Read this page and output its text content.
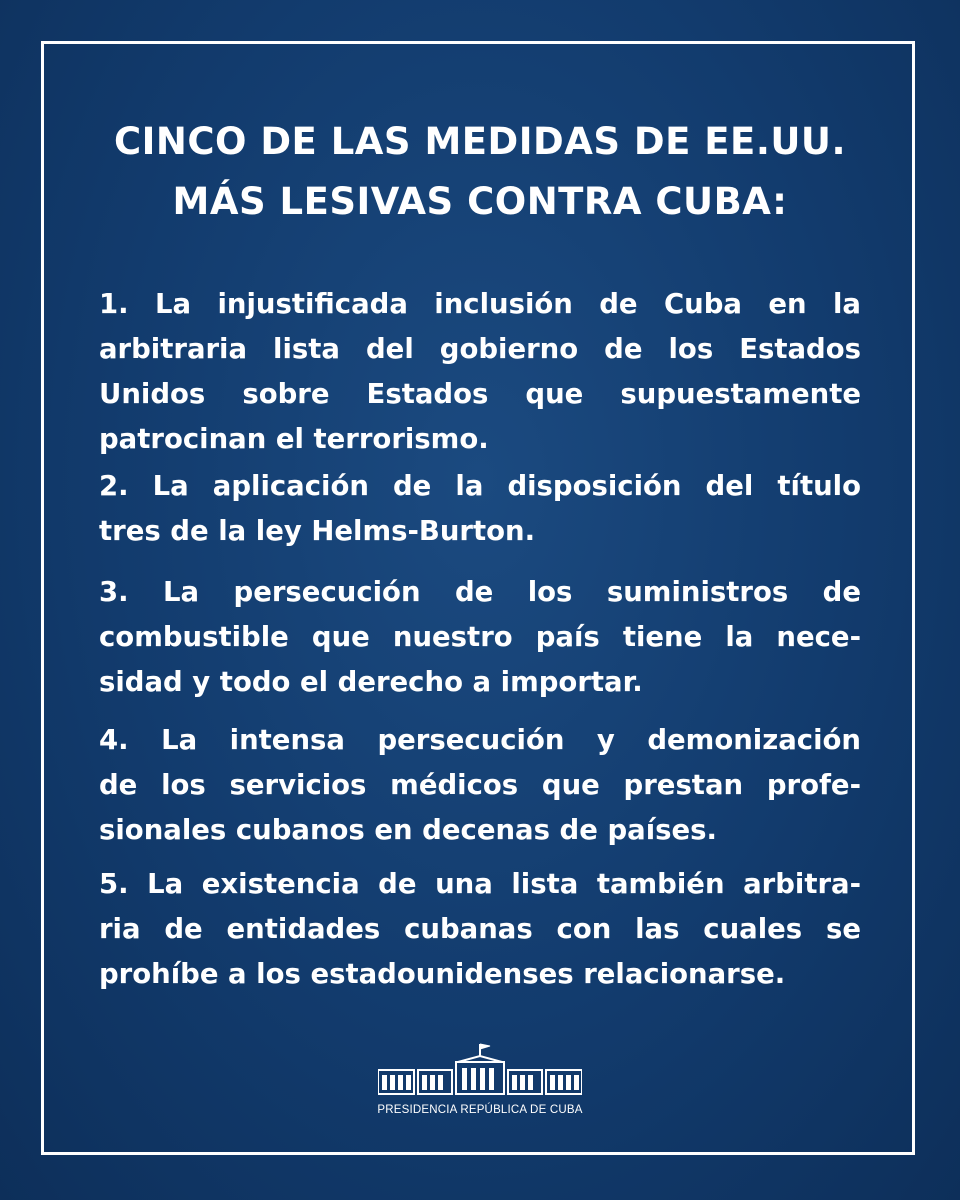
CINCO DE LAS MEDIDAS DE EE.UU.
MÁS LESIVAS CONTRA CUBA:

1. La injustificada inclusión de Cuba en la
arbitraria lista del gobierno de los Estados
Unidos sobre Estados que supuestamente
patrocinan el terrorismo.

2. La aplicación de la disposición del título
tres de la ley Helms-Burton.

3. La persecución de los suministros de
combustible que nuestro país tiene la nece-
sidad y todo el derecho a importar.

4. La intensa persecución y demonización
de los servicios médicos que prestan profe-
sionales cubanos en decenas de países.

5. La existencia de una lista también arbitra-
ria de entidades cubanas con las cuales se
prohíbe a los estadounidenses relacionarse.

PRESIDENCIA REPÚBLICA DE CUBA
